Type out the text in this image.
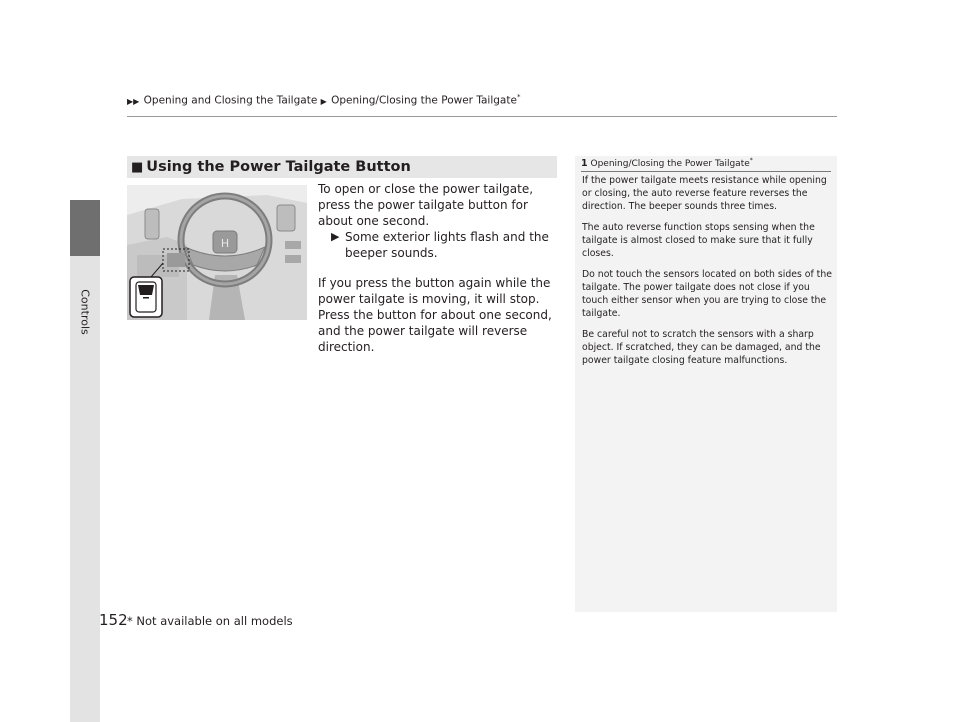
Controls
▶▶ Opening and Closing the Tailgate ▶ Opening/Closing the Power Tailgate*
■ Using the Power Tailgate Button
H

To open or close the power tailgate, press the power tailgate button for about one second.

▶ Some exterior lights flash and the beeper sounds.

If you press the button again while the power tailgate is moving, it will stop.

Press the button for about one second, and the power tailgate will reverse direction.

1 Opening/Closing the Power Tailgate*

If the power tailgate meets resistance while opening or closing, the auto reverse feature reverses the direction. The beeper sounds three times.

The auto reverse function stops sensing when the tailgate is almost closed to make sure that it fully closes.

Do not touch the sensors located on both sides of the tailgate. The power tailgate does not close if you touch either sensor when you are trying to close the tailgate.

Be careful not to scratch the sensors with a sharp object. If scratched, they can be damaged, and the power tailgate closing feature malfunctions.

152 * Not available on all models
